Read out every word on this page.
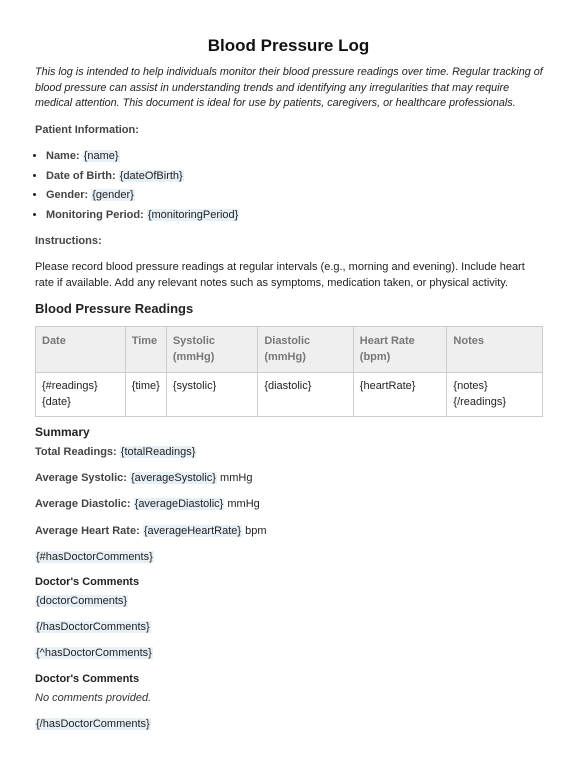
Blood Pressure Log
This log is intended to help individuals monitor their blood pressure readings over time. Regular tracking of blood pressure can assist in understanding trends and identifying any irregularities that may require medical attention. This document is ideal for use by patients, caregivers, or healthcare professionals.
Patient Information:
• Name: {name}
• Date of Birth: {dateOfBirth}
• Gender: {gender}
• Monitoring Period: {monitoringPeriod}
Instructions:
Please record blood pressure readings at regular intervals (e.g., morning and evening). Include heart rate if available. Add any relevant notes such as symptoms, medication taken, or physical activity.
Blood Pressure Readings
Date	Time	Systolic (mmHg)	Diastolic (mmHg)	Heart Rate (bpm)	Notes
{#readings} {date}	{time}	{systolic}	{diastolic}	{heartRate}	{notes} {/readings}
Summary
Total Readings: {totalReadings}
Average Systolic: {averageSystolic} mmHg
Average Diastolic: {averageDiastolic} mmHg
Average Heart Rate: {averageHeartRate} bpm
{#hasDoctorComments}
Doctor's Comments
{doctorComments}
{/hasDoctorComments}
{^hasDoctorComments}
Doctor's Comments
No comments provided.
{/hasDoctorComments}
